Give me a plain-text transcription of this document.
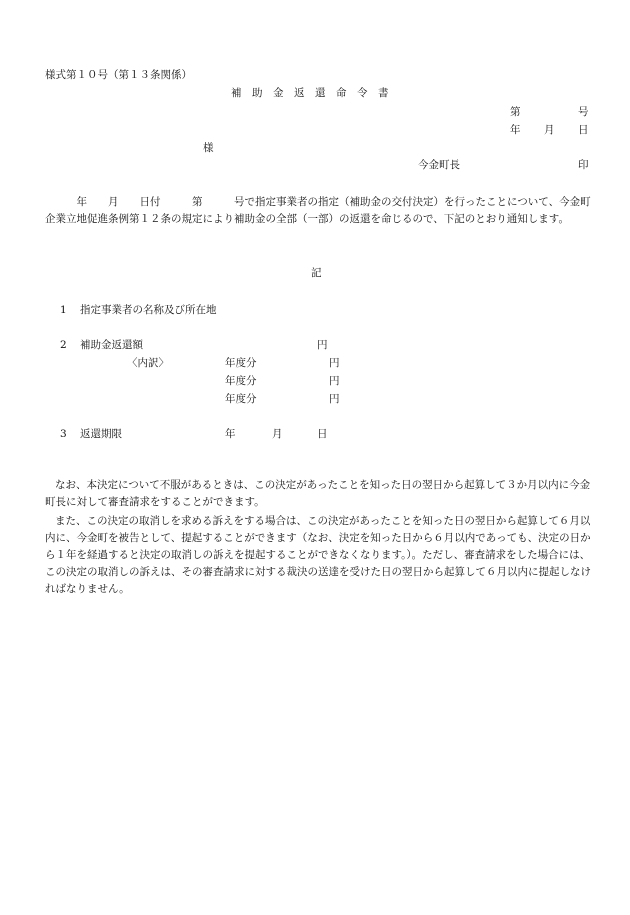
様式第１０号（第１３条関係）
補　助　金　返　還　命　令　書
第	号
年 月 日
様
今金町長	印
　　　年　　月　　日付　　　第　　　号で指定事業者の指定（補助金の交付決定）を行ったことについて、今金町企業立地促進条例第１２条の規定により補助金の全部（一部）の返還を命じるので、下記のとおり通知します。
記
1 指定事業者の名称及び所在地
2 補助金返還額	円
〈内訳〉	年度分	円
年度分	円
年度分	円
3 返還期限	年	月	日
なお、本決定について不服があるときは、この決定があったことを知った日の翌日から起算して３か月以内に今金町長に対して審査請求をすることができます。
また、この決定の取消しを求める訴えをする場合は、この決定があったことを知った日の翌日から起算して６月以内に、今金町を被告として、提起することができます（なお、決定を知った日から６月以内であっても、決定の日から１年を経過すると決定の取消しの訴えを提起することができなくなります。）。ただし、審査請求をした場合には、この決定の取消しの訴えは、その審査請求に対する裁決の送達を受けた日の翌日から起算して６月以内に提起しなければなりません。
